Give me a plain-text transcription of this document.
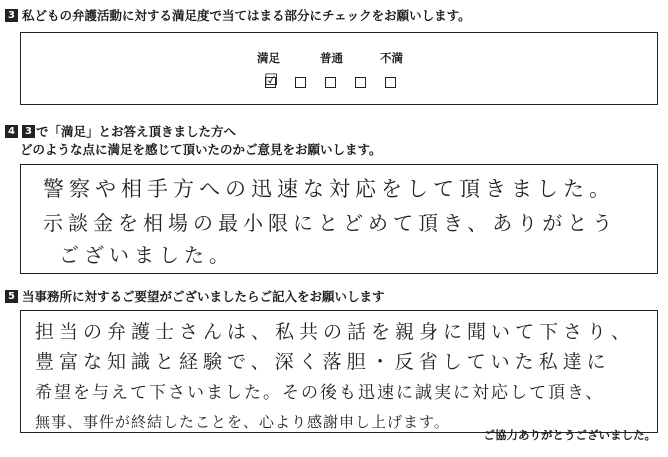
3 私どもの弁護活動に対する満足度で当てはまる部分にチェックをお願いします。
満足	普通	不満
☑
4	3 で「満足」とお答え頂きました方へ
どのような点に満足を感じて頂いたのかご意見をお願いします。
警察や相手方への迅速な対応をして頂きました。
示談金を相場の最小限にとどめて頂き、ありがとう
ございました。
5 当事務所に対するご要望がございましたらご記入をお願いします
担当の弁護士さんは、私共の話を親身に聞いて下さり、
豊富な知識と経験で、深く落胆・反省していた私達に
希望を与えて下さいました。その後も迅速に誠実に対応して頂き、
無事、事件が終結したことを、心より感謝申し上げます。
ご協力ありがとうございました。
